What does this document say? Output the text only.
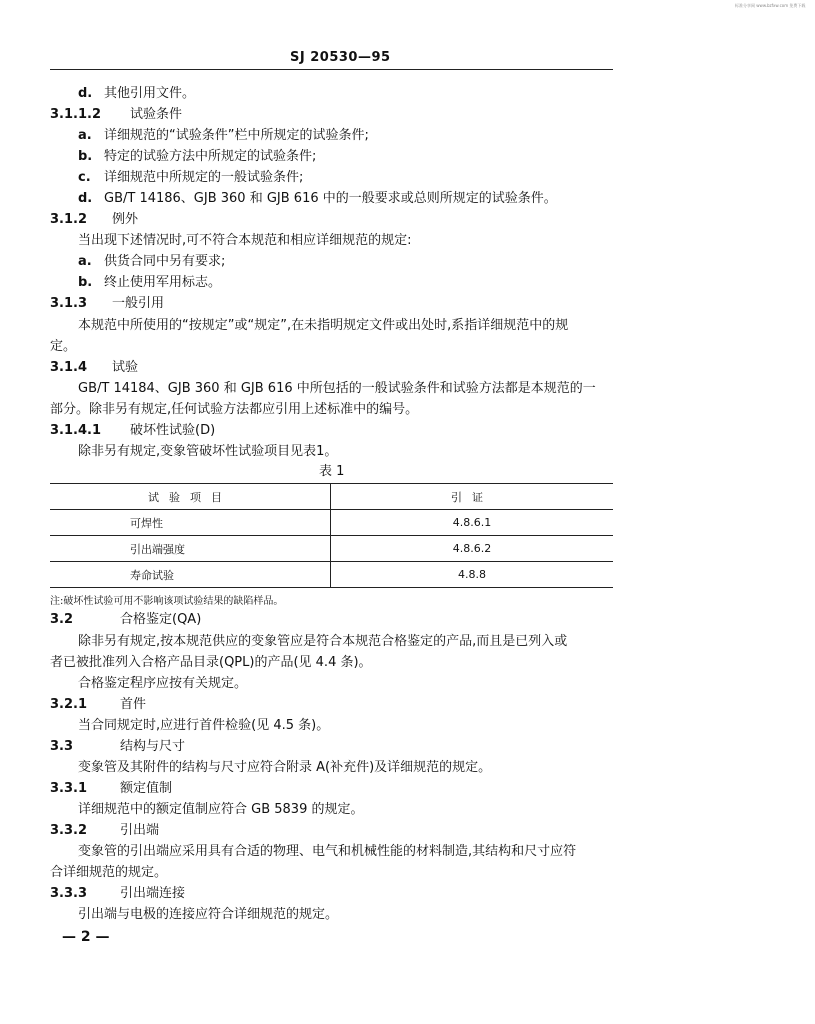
标准分享网 www.bzfxw.com 免费下载
SJ 20530—95
d. 其他引用文件。
3.1.1.2 试验条件
a. 详细规范的“试验条件”栏中所规定的试验条件;
b. 特定的试验方法中所规定的试验条件;
c. 详细规范中所规定的一般试验条件;
d. GB/T 14186、GJB 360 和 GJB 616 中的一般要求或总则所规定的试验条件。
3.1.2 例外
当出现下述情况时,可不符合本规范和相应详细规范的规定:
a. 供货合同中另有要求;
b. 终止使用军用标志。
3.1.3 一般引用
本规范中所使用的“按规定”或“规定”,在未指明规定文件或出处时,系指详细规范中的规
定。
3.1.4 试验
GB/T 14184、GJB 360 和 GJB 616 中所包括的一般试验条件和试验方法都是本规范的一
部分。除非另有规定,任何试验方法都应引用上述标准中的编号。
3.1.4.1 破坏性试验(D)
除非另有规定,变象管破坏性试验项目见表1。
表 1
试验项目	引证
可焊性	4.8.6.1
引出端强度	4.8.6.2
寿命试验	4.8.8
注:破坏性试验可用不影响该项试验结果的缺陷样品。
3.2	合格鉴定(QA)
除非另有规定,按本规范供应的变象管应是符合本规范合格鉴定的产品,而且是已列入或
者已被批准列入合格产品目录(QPL)的产品(见 4.4 条)。
合格鉴定程序应按有关规定。
3.2.1	首件
当合同规定时,应进行首件检验(见 4.5 条)。
3.3	结构与尺寸
变象管及其附件的结构与尺寸应符合附录 A(补充件)及详细规范的规定。
3.3.1	额定值制
详细规范中的额定值制应符合 GB 5839 的规定。
3.3.2	引出端
变象管的引出端应采用具有合适的物理、电气和机械性能的材料制造,其结构和尺寸应符
合详细规范的规定。
3.3.3	引出端连接
引出端与电极的连接应符合详细规范的规定。
— 2 —
